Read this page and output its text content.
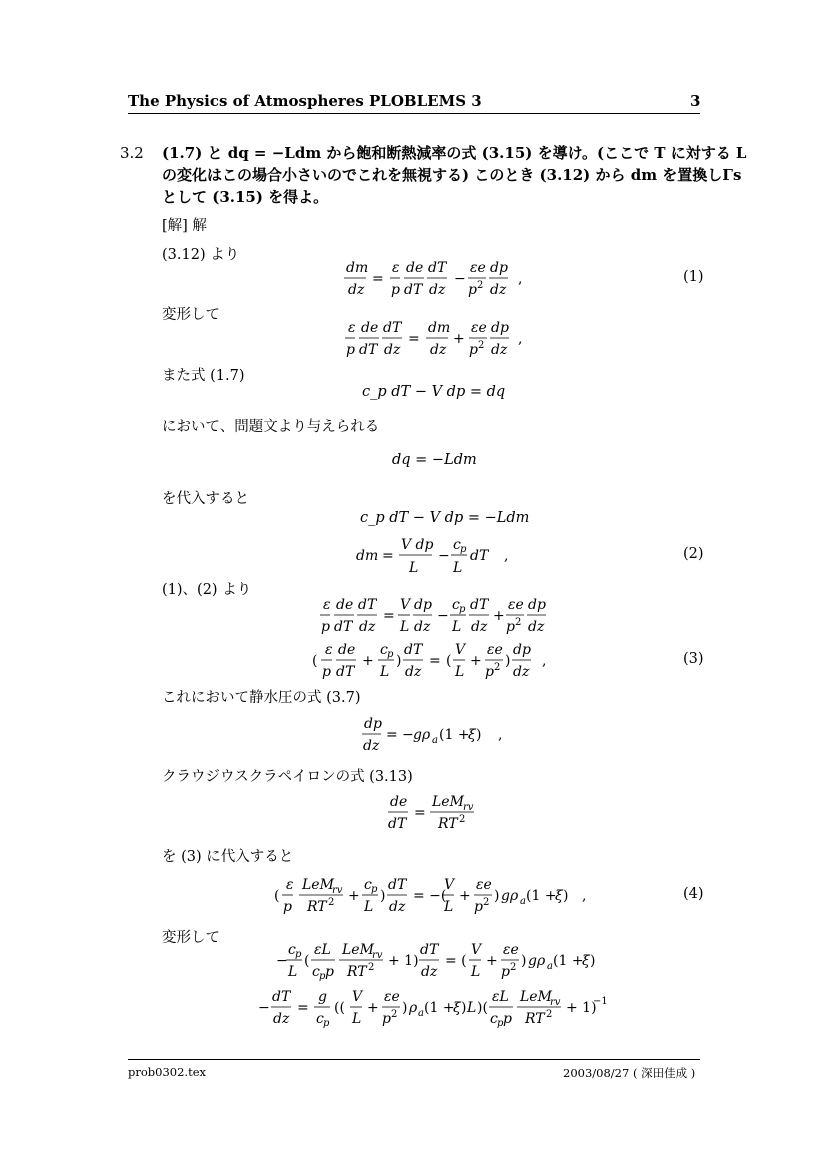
The Physics of Atmospheres PLOBLEMS 3	3
3.2 (1.7) と dq = −Ldm から飽和断熱減率の式 (3.15) を導け。(ここで T に対する L
の変化はこの場合小さいのでこれを無視する) このとき (3.12) から dm を置換しΓs
として (3.15) を得よ。
[解] 解
(3.12) より
dm
dz
=
ε
p
de
dT
dT
dz
−
εe
p 2
dp
dz
,	(1)
変形して
ε
p
de
dT
dT
dz
=
dm
dz
+
εe
p 2
dp
dz
,
また式 (1.7)
c_p dT − V dp = dq
において、問題文より与えられる
dq = −Ldm
を代入すると
c_p dT − V dp = −Ldm
dm =
V dp
L
−
c p
L
dT ,	(2)
(1)、(2) より
ε
p
de
dT
dT
dz
=
V
L
dp
dz
−
c p
L
dT
dz
+
εe
p 2
dp
dz
(
ε
p
de
dT
+
c p
L
)
dT
dz
= (
V
L
+
εe
p 2 )
dp
dz
,	(3)
これにおいて静水圧の式 (3.7)
dp
dz
= − gρ a (1 +
ξ ) ,
クラウジウスクラペイロンの式 (3.13)
de
dT
=
LeM rv
RT 2
を (3) に代入すると
(
ε
p
LeM
rv
RT 2 +
c p
L
)
dT
dz
= −(
V
L
+
εe
p 2 ) gρ a (1 +
ξ ) ,	(4)
変形して
−
c p
L
(
εL
c p p
LeM
rv
RT 2 + 1)
dT
dz
= (
V
L
+
εe
p 2 ) gρ a (1 +
ξ )
−
dT
dz
=
g
c p
((
V
L
+
εe
p 2 ) ρ a (1 +
ξ ) L )(
εL
c p p
LeM
rv
RT 2 + 1)
−1
prob0302.tex	2003/08/27 ( 深田佳成 )
